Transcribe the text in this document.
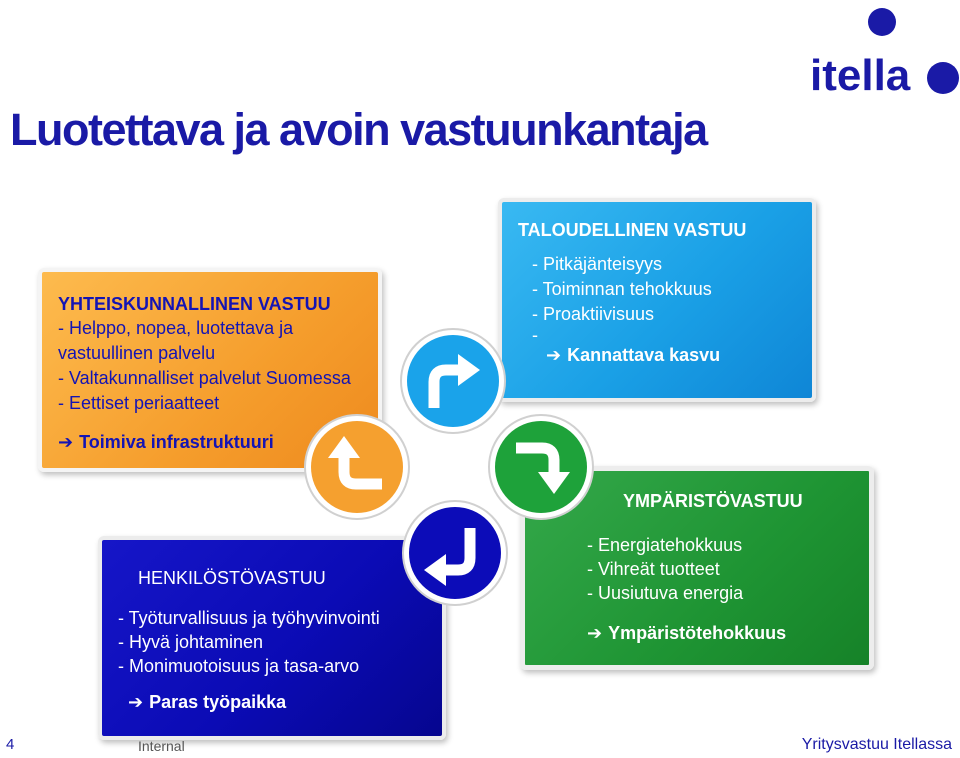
Luotettava ja avoin vastuunkantaja
itella

YHTEISKUNNALLINEN VASTUU

- Helppo, nopea, luotettava ja

vastuullinen palvelu

- Valtakunnalliset palvelut Suomessa

- Eettiset periaatteet

➔ Toimiva infrastruktuuri

TALOUDELLINEN VASTUU

- Pitkäjänteisyys

- Toiminnan tehokkuus

- Proaktiivisuus

-

➔ Kannattava kasvu

YMPÄRISTÖVASTUU

- Energiatehokkuus

- Vihreät tuotteet

- Uusiutuva energia

➔ Ympäristötehokkuus

HENKILÖSTÖVASTUU

- Työturvallisuus ja työhyvinvointi

- Hyvä johtaminen

- Monimuotoisuus ja tasa-arvo

➔ Paras työpaikka

4	Internal	Yritysvastuu Itellassa
